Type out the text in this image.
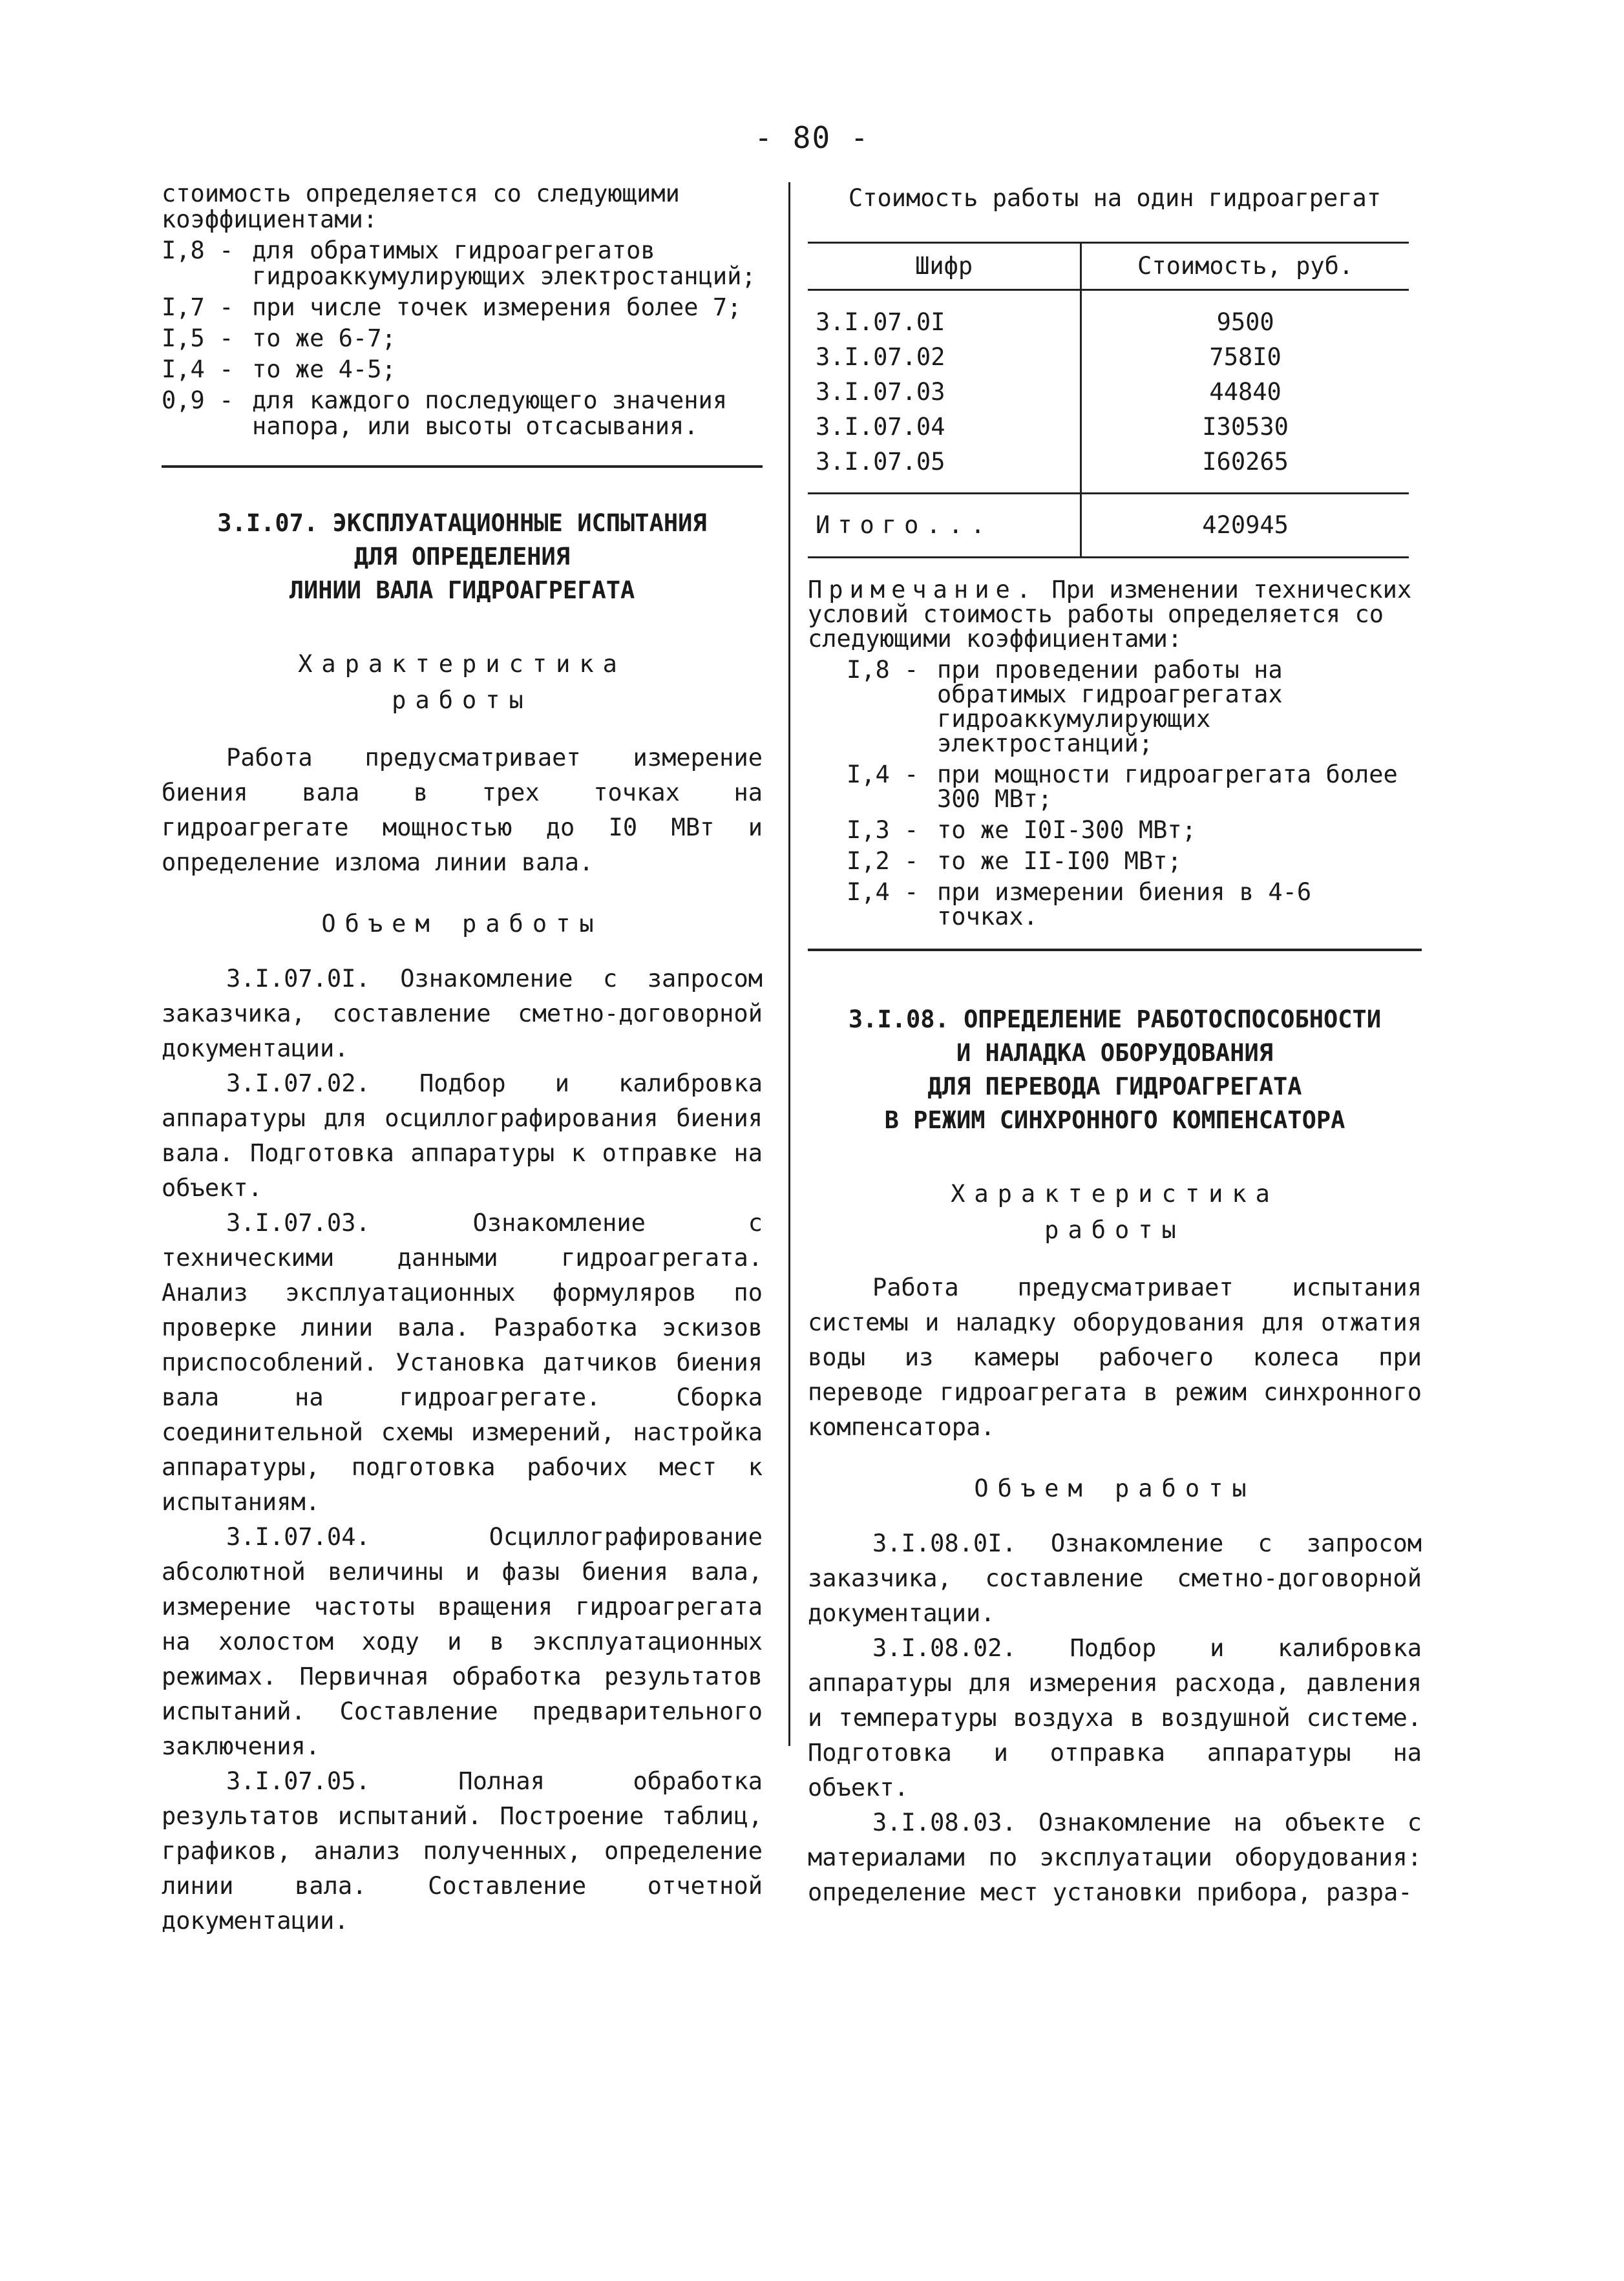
- 80 -

стоимость определяется со следующими коэффициентами:

I,8 - для обратимых гидроагрегатов гидроаккумулирующих электростанций;
I,7 - при числе точек измерения более 7;
I,5 - то же 6-7;
I,4 - то же 4-5;
0,9 - для каждого последующего значения напора, или высоты отсасывания.

3.I.07. ЭКСПЛУАТАЦИОННЫЕ ИСПЫТАНИЯ

ДЛЯ ОПРЕДЕЛЕНИЯ

ЛИНИИ ВАЛА ГИДРОАГРЕГАТА

Характеристика

работы

Работа предусматривает измерение биения вала в трех точках на гидроагрегате мощностью до I0 МВт и определение излома линии вала.

Объем работы

3.I.07.0I. Ознакомление с запросом заказчика, составление сметно-договорной документации.

3.I.07.02. Подбор и калибровка аппаратуры для осциллографирования биения вала. Подготовка аппаратуры к отправке на объект.

3.I.07.03. Ознакомление с техническими данными гидроагрегата. Анализ эксплуатационных формуляров по проверке линии вала. Разработка эскизов приспособлений. Установка датчиков биения вала на гидроагрегате. Сборка соединительной схемы измерений, настройка аппаратуры, подготовка рабочих мест к испытаниям.

3.I.07.04. Осциллографирование абсолютной величины и фазы биения вала, измерение частоты вращения гидроагрегата на холостом ходу и в эксплуатационных режимах. Первичная обработка результатов испытаний. Составление предварительного заключения.

3.I.07.05. Полная обработка результатов испытаний. Построение таблиц, графиков, анализ полученных, определение линии вала. Составление отчетной документации.

Стоимость работы на один гидроагрегат

Шифр	Стоимость, руб.
3.I.07.0I	9500
3.I.07.02	758I0
3.I.07.03	44840
3.I.07.04	I30530
3.I.07.05	I60265
Итого...	420945
Примечание. При изменении технических условий стоимость работы определяется со следующими коэффициентами:
I,8 - при проведении работы на обратимых гидроагрегатах гидроаккумулирующих электростанций;
I,4 - при мощности гидроагрегата более 300 МВт;
I,3 - то же I0I-300 МВт;
I,2 - то же II-I00 МВт;
I,4 - при измерении биения в 4-6 точках.

3.I.08. ОПРЕДЕЛЕНИЕ РАБОТОСПОСОБНОСТИ

И НАЛАДКА ОБОРУДОВАНИЯ

ДЛЯ ПЕРЕВОДА ГИДРОАГРЕГАТА

В РЕЖИМ СИНХРОННОГО КОМПЕНСАТОРА

Характеристика

работы

Работа предусматривает испытания системы и наладку оборудования для отжатия воды из камеры рабочего колеса при переводе гидроагрегата в режим синхронного компенсатора.

Объем работы

3.I.08.0I. Ознакомление с запросом заказчика, составление сметно-договорной документации.

3.I.08.02. Подбор и калибровка аппаратуры для измерения расхода, давления и температуры воздуха в воздушной системе. Подготовка и отправка аппаратуры на объект.

3.I.08.03. Ознакомление на объекте с материалами по эксплуатации оборудования: определение мест установки прибора, разра-
